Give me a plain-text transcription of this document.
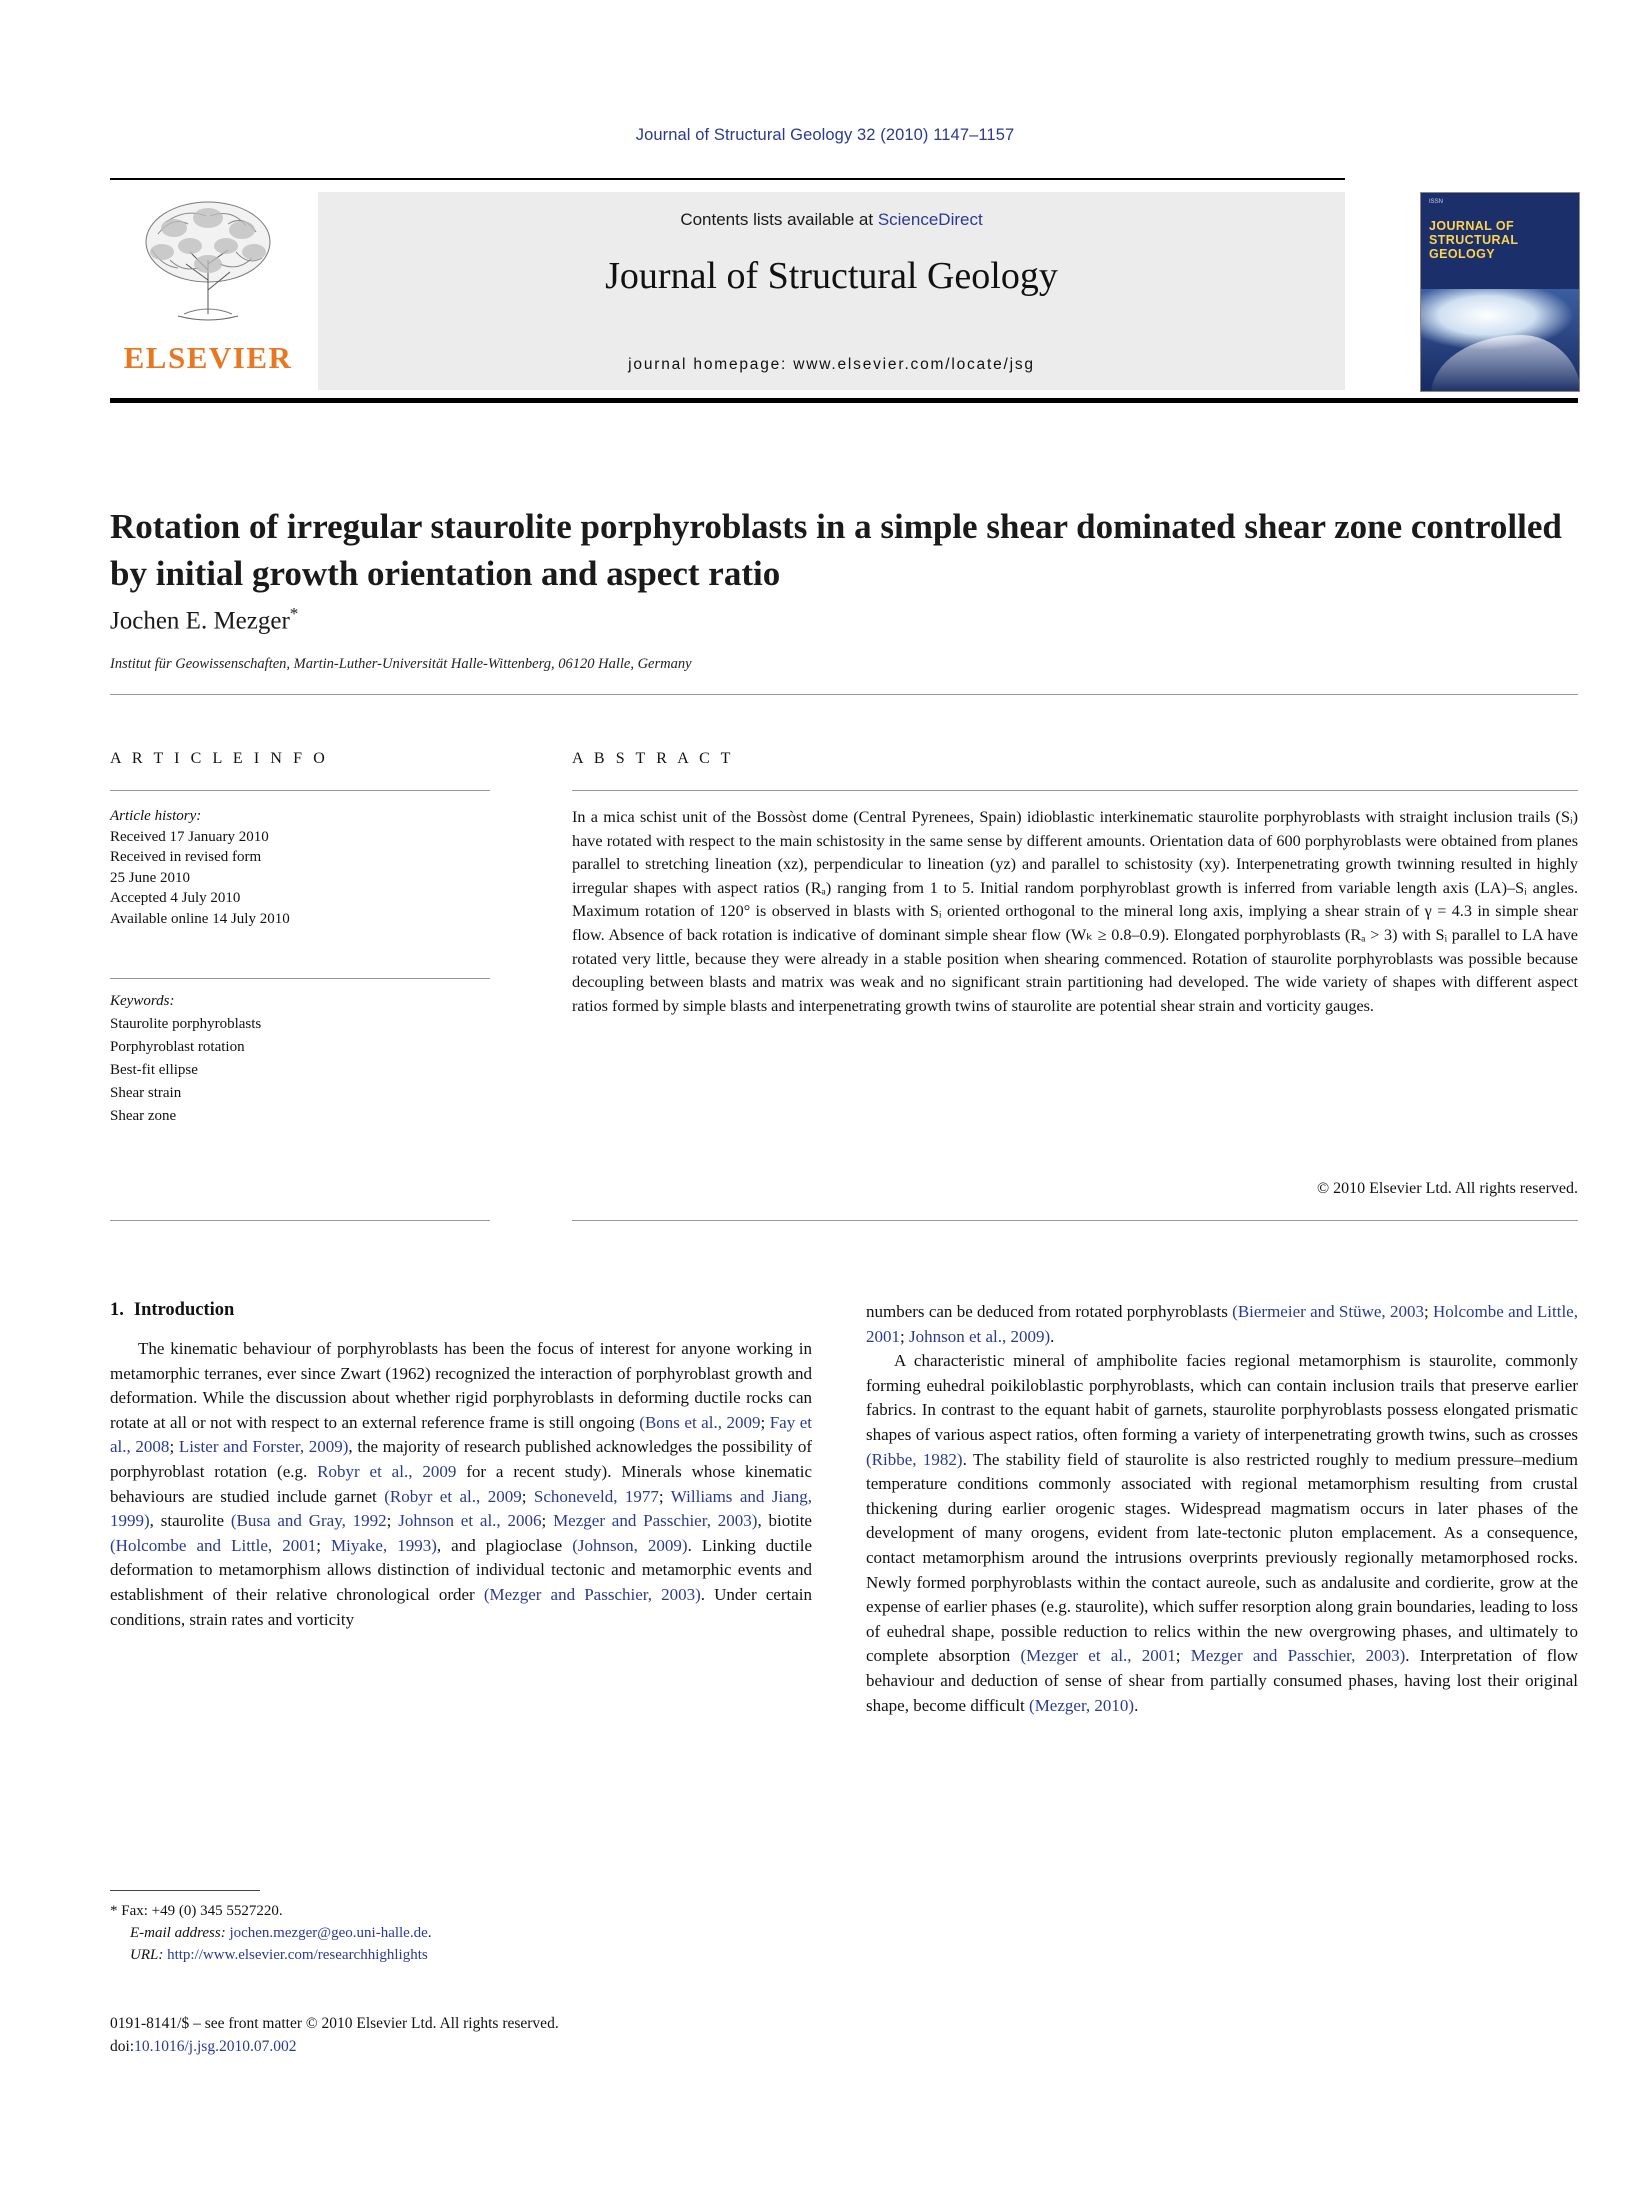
Journal of Structural Geology 32 (2010) 1147–1157
ELSEVIER
Contents lists available at ScienceDirect
Journal of Structural Geology
journal homepage: www.elsevier.com/locate/jsg
ISSN
JOURNAL OF
STRUCTURAL
GEOLOGY
Rotation of irregular staurolite porphyroblasts in a simple shear dominated shear zone controlled by initial growth orientation and aspect ratio
Jochen E. Mezger*
Institut für Geowissenschaften, Martin-Luther-Universität Halle-Wittenberg, 06120 Halle, Germany
A R T I C L E I N F O
Article history:
Received 17 January 2010
Received in revised form
25 June 2010
Accepted 4 July 2010
Available online 14 July 2010
Keywords:
Staurolite porphyroblasts
Porphyroblast rotation
Best-fit ellipse
Shear strain
Shear zone
A B S T R A C T
In a mica schist unit of the Bossòst dome (Central Pyrenees, Spain) idioblastic interkinematic staurolite porphyroblasts with straight inclusion trails (Sᵢ) have rotated with respect to the main schistosity in the same sense by different amounts. Orientation data of 600 porphyroblasts were obtained from planes parallel to stretching lineation (xz), perpendicular to lineation (yz) and parallel to schistosity (xy). Interpenetrating growth twinning resulted in highly irregular shapes with aspect ratios (Rₐ) ranging from 1 to 5. Initial random porphyroblast growth is inferred from variable length axis (LA)–Sᵢ angles. Maximum rotation of 120° is observed in blasts with Sᵢ oriented orthogonal to the mineral long axis, implying a shear strain of γ = 4.3 in simple shear flow. Absence of back rotation is indicative of dominant simple shear flow (Wₖ ≥ 0.8–0.9). Elongated porphyroblasts (Rₐ > 3) with Sᵢ parallel to LA have rotated very little, because they were already in a stable position when shearing commenced. Rotation of staurolite porphyroblasts was possible because decoupling between blasts and matrix was weak and no significant strain partitioning had developed. The wide variety of shapes with different aspect ratios formed by simple blasts and interpenetrating growth twins of staurolite are potential shear strain and vorticity gauges.
© 2010 Elsevier Ltd. All rights reserved.
1. Introduction

The kinematic behaviour of porphyroblasts has been the focus of interest for anyone working in metamorphic terranes, ever since Zwart (1962) recognized the interaction of porphyroblast growth and deformation. While the discussion about whether rigid porphyroblasts in deforming ductile rocks can rotate at all or not with respect to an external reference frame is still ongoing (Bons et al., 2009; Fay et al., 2008; Lister and Forster, 2009), the majority of research published acknowledges the possibility of porphyroblast rotation (e.g. Robyr et al., 2009 for a recent study). Minerals whose kinematic behaviours are studied include garnet (Robyr et al., 2009; Schoneveld, 1977; Williams and Jiang, 1999), staurolite (Busa and Gray, 1992; Johnson et al., 2006; Mezger and Passchier, 2003), biotite (Holcombe and Little, 2001; Miyake, 1993), and plagioclase (Johnson, 2009). Linking ductile deformation to metamorphism allows distinction of individual tectonic and metamorphic events and establishment of their relative chronological order (Mezger and Passchier, 2003). Under certain conditions, strain rates and vorticity

numbers can be deduced from rotated porphyroblasts (Biermeier and Stüwe, 2003; Holcombe and Little, 2001; Johnson et al., 2009).

A characteristic mineral of amphibolite facies regional metamorphism is staurolite, commonly forming euhedral poikiloblastic porphyroblasts, which can contain inclusion trails that preserve earlier fabrics. In contrast to the equant habit of garnets, staurolite porphyroblasts possess elongated prismatic shapes of various aspect ratios, often forming a variety of interpenetrating growth twins, such as crosses (Ribbe, 1982). The stability field of staurolite is also restricted roughly to medium pressure–medium temperature conditions commonly associated with regional metamorphism resulting from crustal thickening during earlier orogenic stages. Widespread magmatism occurs in later phases of the development of many orogens, evident from late-tectonic pluton emplacement. As a consequence, contact metamorphism around the intrusions overprints previously regionally metamorphosed rocks. Newly formed porphyroblasts within the contact aureole, such as andalusite and cordierite, grow at the expense of earlier phases (e.g. staurolite), which suffer resorption along grain boundaries, leading to loss of euhedral shape, possible reduction to relics within the new overgrowing phases, and ultimately to complete absorption (Mezger et al., 2001; Mezger and Passchier, 2003). Interpretation of flow behaviour and deduction of sense of shear from partially consumed phases, having lost their original shape, become difficult (Mezger, 2010).

* Fax: +49 (0) 345 5527220.
E-mail address: jochen.mezger@geo.uni-halle.de.
URL: http://www.elsevier.com/researchhighlights
0191-8141/$ – see front matter © 2010 Elsevier Ltd. All rights reserved.
doi:10.1016/j.jsg.2010.07.002
